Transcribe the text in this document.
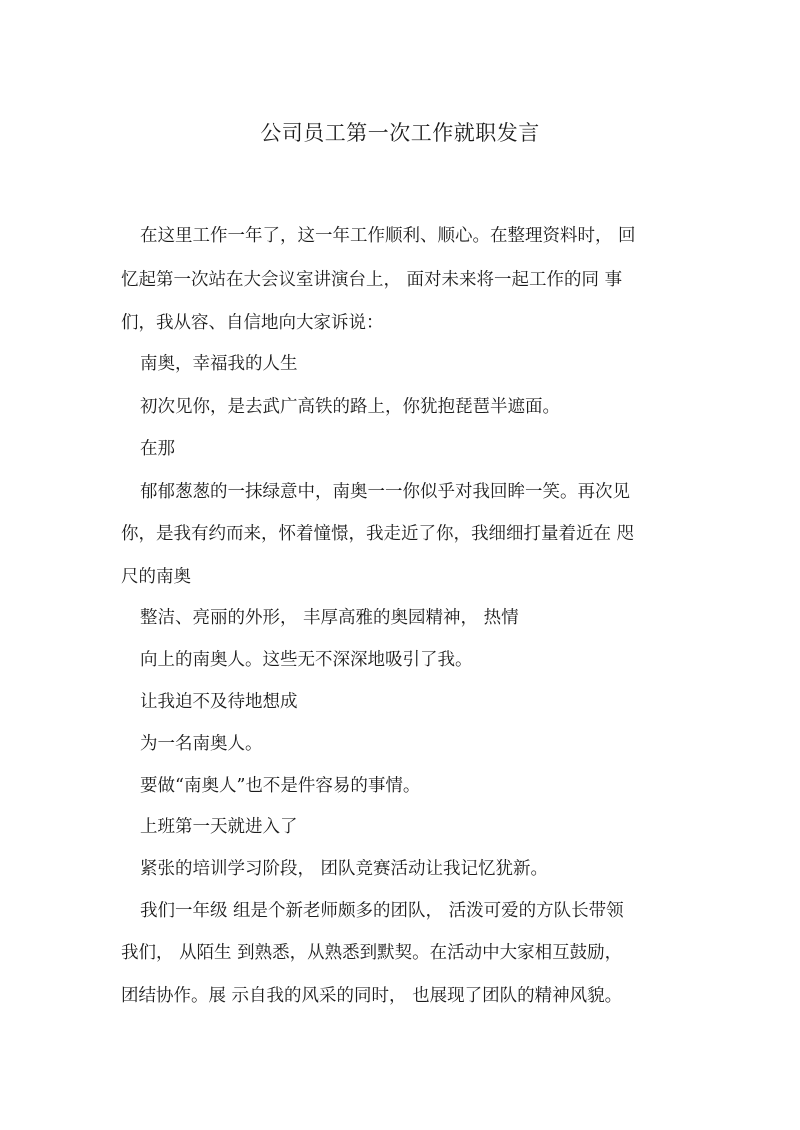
公司员工第一次工作就职发言
在这里工作一年了，这一年工作顺利、顺心。在整理资料时， 回
忆起第一次站在大会议室讲演台上， 面对未来将一起工作的同 事
们，我从容、自信地向大家诉说：
南奥，幸福我的人生
初次见你，是去武广高铁的路上，你犹抱琵琶半遮面。
在那
郁郁葱葱的一抹绿意中，南奥一一你似乎对我回眸一笑。再次见
你，是我有约而来，怀着憧憬，我走近了你，我细细打量着近在 咫
尺的南奥
整洁、亮丽的外形， 丰厚高雅的奥园精神， 热情
向上的南奥人。这些无不深深地吸引了我。
让我迫不及待地想成
为一名南奥人。
要做“南奥人”也不是件容易的事情。
上班第一天就进入了
紧张的培训学习阶段， 团队竞赛活动让我记忆犹新。
我们一年级 组是个新老师颇多的团队， 活泼可爱的方队长带领
我们， 从陌生 到熟悉，从熟悉到默契。在活动中大家相互鼓励，
团结协作。展 示自我的风采的同时， 也展现了团队的精神风貌。
